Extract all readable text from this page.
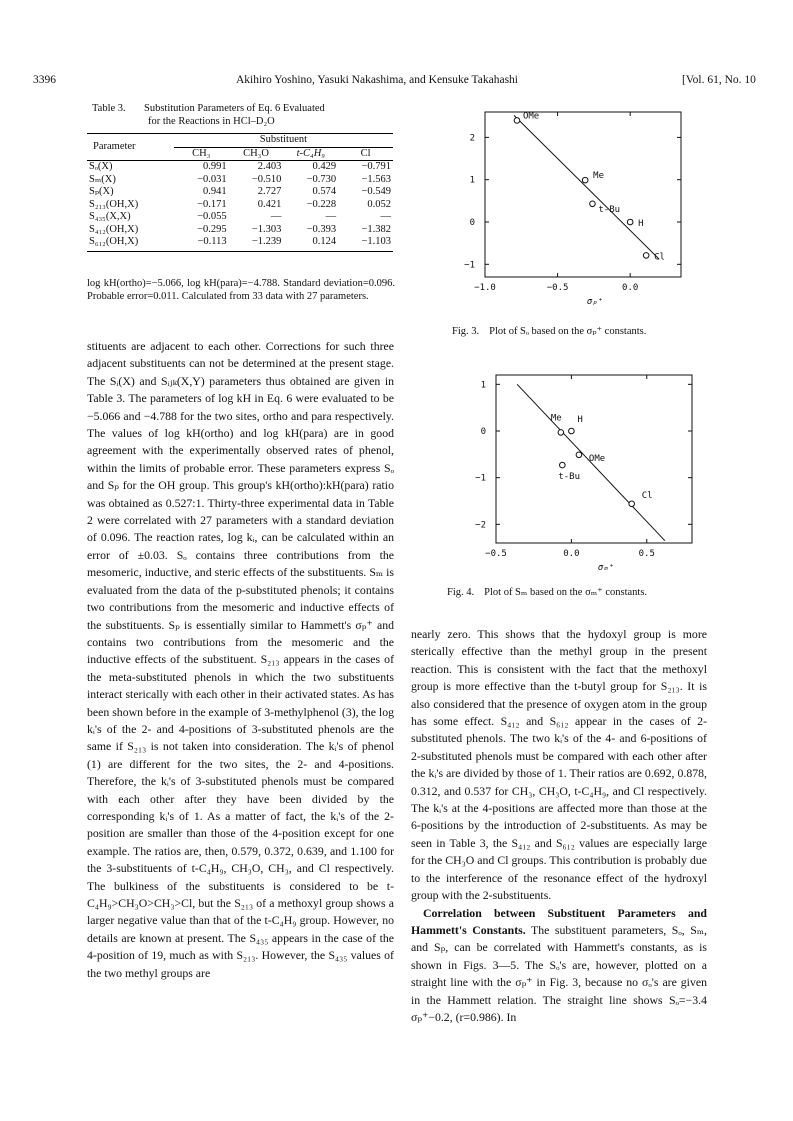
3396	Akihiro Yoshino, Yasuki Nakashima, and Kensuke Takahashi	[Vol. 61, No. 10
Table 3. Substitution Parameters of Eq. 6 Evaluated
for the Reactions in HCl–D₂O
Parameter	Substituent			
	CH₃	CH₃O	t-C₄H₉	Cl
Sₒ(X)	0.991	2.403	0.429	−0.791
Sₘ(X)	−0.031	−0.510	−0.730	−1.563
Sₚ(X)	0.941	2.727	0.574	−0.549
S₂₁₃(OH,X)	−0.171	0.421	−0.228	0.052
S₄₃₅(X,X)	−0.055	—	—	—
S₄₁₂(OH,X)	−0.295	−1.303	−0.393	−1.382
S₆₁₂(OH,X)	−0.113	−1.239	0.124	−1.103
log kH(ortho)=−5.066, log kH(para)=−4.788. Standard deviation=0.096. Probable error=0.011. Calculated from 33 data with 27 parameters.

stituents are adjacent to each other. Corrections for such three adjacent substituents can not be determined at the present stage. The Sᵢ(X) and Sᵢⱼₖ(X,Y) parameters thus obtained are given in Table 3. The parameters of log kH in Eq. 6 were evaluated to be −5.066 and −4.788 for the two sites, ortho and para respectively. The values of log kH(ortho) and log kH(para) are in good agreement with the experimentally observed rates of phenol, within the limits of probable error. These parameters express Sₒ and Sₚ for the OH group. This group's kH(ortho):kH(para) ratio was obtained as 0.527:1. Thirty-three experimental data in Table 2 were correlated with 27 parameters with a standard deviation of 0.096. The reaction rates, log kᵢ, can be calculated within an error of ±0.03. Sₒ contains three contributions from the mesomeric, inductive, and steric effects of the substituents. Sₘ is evaluated from the data of the p-substituted phenols; it contains two contributions from the mesomeric and inductive effects of the substituents. Sₚ is essentially similar to Hammett's σₚ⁺ and contains two contributions from the mesomeric and the inductive effects of the substituent. S₂₁₃ appears in the cases of the meta-substituted phenols in which the two substituents interact sterically with each other in their activated states. As has been shown before in the example of 3-methylphenol (3), the log kᵢ's of the 2- and 4-positions of 3-substituted phenols are the same if S₂₁₃ is not taken into consideration. The kᵢ's of phenol (1) are different for the two sites, the 2- and 4-positions. Therefore, the kᵢ's of 3-substituted phenols must be compared with each other after they have been divided by the corresponding kᵢ's of 1. As a matter of fact, the kᵢ's of the 2-position are smaller than those of the 4-position except for one example. The ratios are, then, 0.579, 0.372, 0.639, and 1.100 for the 3-substituents of t-C₄H₉, CH₃O, CH₃, and Cl respectively. The bulkiness of the substituents is considered to be t-C₄H₉>CH₃O>CH₃>Cl, but the S₂₁₃ of a methoxyl group shows a larger negative value than that of the t-C₄H₉ group. However, no details are known at present. The S₄₃₅ appears in the case of the 4-position of 19, much as with S₂₁₃. However, the S₄₃₅ values of the two methyl groups are

−1.0	−0.5	0.0
2
1
0
−1
σₚ⁺
OMe
Me
t-Bu
H
Cl
Fig. 3. Plot of Sₒ based on the σₚ⁺ constants.
−0.5	0.0	0.5
1
0
−1
−2
σₘ⁺
Me H
OMe
t-Bu
Cl
Fig. 4. Plot of Sₘ based on the σₘ⁺ constants.

nearly zero. This shows that the hydoxyl group is more sterically effective than the methyl group in the present reaction. This is consistent with the fact that the methoxyl group is more effective than the t-butyl group for S₂₁₃. It is also considered that the presence of oxygen atom in the group has some effect. S₄₁₂ and S₆₁₂ appear in the cases of 2-substituted phenols. The two kᵢ's of the 4- and 6-positions of 2-substituted phenols must be compared with each other after the kᵢ's are divided by those of 1. Their ratios are 0.692, 0.878, 0.312, and 0.537 for CH₃, CH₃O, t-C₄H₉, and Cl respectively. The kᵢ's at the 4-positions are affected more than those at the 6-positions by the introduction of 2-substituents. As may be seen in Table 3, the S₄₁₂ and S₆₁₂ values are especially large for the CH₃O and Cl groups. This contribution is probably due to the interference of the resonance effect of the hydroxyl group with the 2-substituents.

Correlation between Substituent Parameters and Hammett's Constants. The substituent parameters, Sₒ, Sₘ, and Sₚ, can be correlated with Hammett's constants, as is shown in Figs. 3—5. The Sₒ's are, however, plotted on a straight line with the σₚ⁺ in Fig. 3, because no σₒ's are given in the Hammett relation. The straight line shows Sₒ=−3.4 σₚ⁺−0.2, (r=0.986). In
